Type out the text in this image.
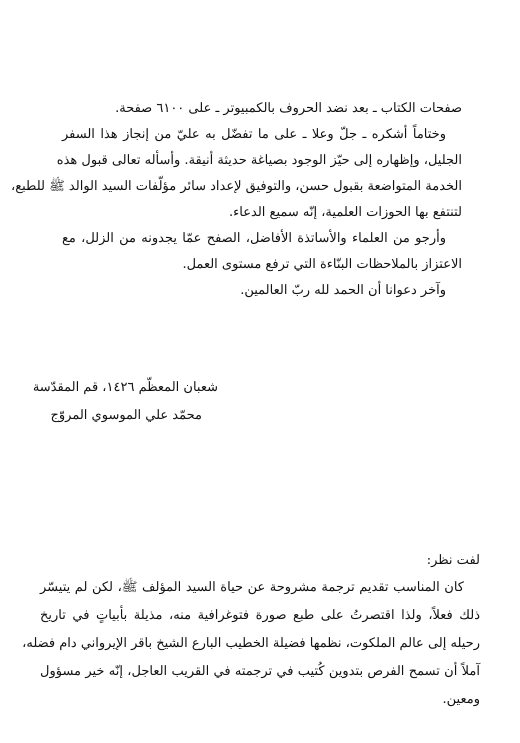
صفحات الكتاب ـ بعد نضد الحروف بالكمبيوتر ـ على ٦١٠٠ صفحة.

وختاماً أشكره ـ جلّ وعلا ـ على ما تفضّل به عليّ من إنجاز هذا السفر

الجليل، وإظهاره إلى حيّز الوجود بصياغة حديثة أنيقة. وأسأله تعالى قبول هذه

الخدمة المتواضعة بقبول حسن، والتوفيق لإعداد سائر مؤلّفات السيد الوالد ﷺ للطبع،

لتنتفع بها الحوزات العلمية، إنّه سميع الدعاء.

وأرجو من العلماء والأساتذة الأفاضل، الصفح عمّا يجدونه من الزلل، مع

الاعتزاز بالملاحظات البنّاءة التي ترفع مستوى العمل.

وآخر دعوانا أن الحمد لله ربّ العالمين.

شعبان المعظّم ١٤٢٦، قم المقدّسة

محمّد علي الموسوي المروّج

لفت نظر:

كان المناسب تقديم ترجمة مشروحة عن حياة السيد المؤلف ﷺ، لكن لم يتيسّر

ذلك فعلاً، ولذا اقتصرتُ على طبع صورة فتوغرافية منه، مذيلة بأبياتٍ في تاريخ

رحيله إلى عالم الملكوت، نظمها فضيلة الخطيب البارع الشيخ باقر الإيرواني دام فضله،

آملاً أن تسمح الفرص بتدوين كُتيب في ترجمته في القريب العاجل، إنّه خير مسؤول

ومعين.
